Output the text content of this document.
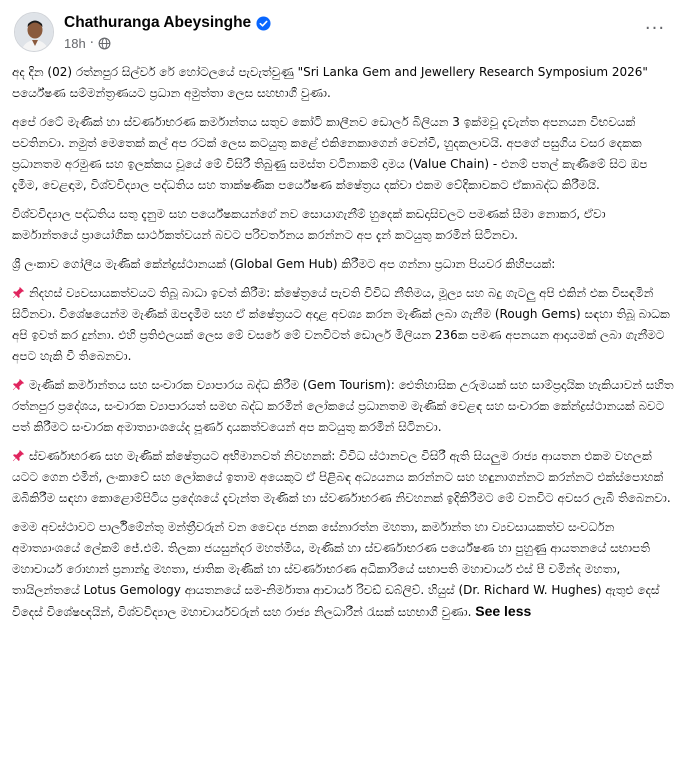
Chathuranga Abeysinghe
18h ·
···

අද දින (02) රත්නපුර සිල්වර් රේ හෝටලයේ පැවැත්වුණු "Sri Lanka Gem and Jewellery Research Symposium 2026" පර්යේෂණ සම්මන්ත්‍රණයට ප්‍රධාන අමුත්තා ලෙස සහභාගී වුණා.

අපේ රටේ මැණික් හා ස්වර්ණාභරණ කර්මාන්තය සතුව කෝටි කාලීනව ඩොලර් බිලියන 3 ඉක්මවූ දැවැන්ත අපනයන විභවයක් පවතිනවා. නමුත් මෙතෙක් කල් අප රටක් ලෙස කටයුතු කළේ එකිනෙකාගෙන් වෙන්වී, හුදකලාවයි. අපගේ පසුගිය වසර දෙකක ප්‍රධානතම අරමුණ සහ ඉලක්කය වූයේ මේ විසිරී තිබුණු සමස්ත වටිනාකම් දාමය (Value Chain) - එනම් පතල් කැණීමේ සිට ඔප දැමීම, වෙළඳාම, විශ්වවිද්‍යාල පද්ධතිය සහ තාක්ෂණික පර්යේෂණ ක්ෂේත්‍රය දක්වා එකම වේදිකාවකට ඒකාබද්ධ කිරීමයි.

විශ්වවිද්‍යාල පද්ධතිය සතු දැනුම සහ පර්යේෂකයන්ගේ නව සොයාගැනීම් හුදෙක් කඩදාසිවලට පමණක් සීමා නොකර, ඒවා කර්මාන්තයේ ප්‍රායෝගික සාර්ථකත්වයන් බවට පරිවර්තනය කරන්නට අප දැන් කටයුතු කරමින් සිටිනවා.

ශ්‍රී ලංකාව ගෝලීය මැණික් කේන්ද්‍රස්ථානයක් (Global Gem Hub) කිරීමට අප ගන්නා ප්‍රධාන පියවර කිහිපයක්:

නිදහස් ව්‍යවසායකත්වයට තිබූ බාධා ඉවත් කිරීම: ක්ෂේත්‍රයේ පැවති විවිධ නීතිමය, මූල්‍ය සහ බදු ගැටලු අපි එකින් එක විසඳමින් සිටිනවා. විශේෂයෙන්ම මැණික් ඔපදැමීම සහ ඒ ක්ෂේත්‍රයට අදාළ අවශ්‍ය කරන මැණික් ලබා ගැනීම (Rough Gems) සඳහා තිබූ බාධක අපි ඉවත් කර දුන්නා. එහි ප්‍රතිඵලයක් ලෙස මේ වසරේ මේ වනවිටත් ඩොලර් මිලියන 236ක පමණ අපනයන ආදායමක් ලබා ගැනීමට අපට හැකි වී තිබෙනවා.

මැණික් කර්මාන්තය සහ සංචාරක ව්‍යාපාරය බද්ධ කිරීම (Gem Tourism): ඓතිහාසික උරුමයක් සහ සාම්ප්‍රදායික හැකියාවන් සහිත රත්නපුර ප්‍රදේශය, සංචාරක ව්‍යාපාරයත් සමඟ බද්ධ කරමින් ලෝකයේ ප්‍රධානතම මැණික් වෙළඳ සහ සංචාරක කේන්ද්‍රස්ථානයක් බවට පත් කිරීමට සංචාරක අමාත්‍යාංශයේද පූර්ණ දායකත්වයෙන් අප කටයුතු කරමින් සිටිනවා.

ස්වර්ණාභරණ සහ මැණික් ක්ෂේත්‍රයට අභිමානවත් නිවහනක්: විවිධ ස්ථානවල විසිරී ඇති සියලුම රාජ්‍ය ආයතන එකම වහලක් යටට ගෙන එමින්, ලංකාවේ සහ ලෝකයේ ඉතාම අයෙකුට ඒ පිළිබඳ අධ්‍යයනය කරන්නට සහ හඳුනාගන්නට කරන්නට එක්ස්පොහක් ඔබිකිරීම සඳහා කොළොම්පිටිය ප්‍රදේශයේ දැවැන්ත මැණික් හා ස්වර්ණාභරණ නිවහනක් ඉදිකිරීමට මේ වනවිට අවසර ලැබී තිබෙනවා.

මෙම අවස්ථාවට පාර්ලිමේන්තු මන්ත්‍රීවරුන් වන වෛද්‍ය ජනක සේනාරත්න මහතා, කර්මාන්ත හා ව්‍යවසායකත්ව සංවර්ධන අමාත්‍යාංශයේ ලේකම් ජේ.එම්. තිලකා ජයසුන්දර මහත්මිය, මැණික් හා ස්වර්ණාභරණ පර්යේෂණ හා පුහුණු ආයතනයේ සභාපති මහාචාර්ය රොහාන් ප්‍රනාන්දු මහතා, ජාතික මැණික් හා ස්වර්ණාභරණ අධිකාරියේ සභාපති මහාචාර්ය එස් පී චමින්ද මහතා, තායිලන්තයේ Lotus Gemology ආයතනයේ සම-නිර්මාතෘ ආචාර්ය රිචඩ් ඩබ්ලිව්. හියුස් (Dr. Richard W. Hughes) ඇතුළු දෙස් විදෙස් විශේෂඥයින්, විශ්වවිද්‍යාල මහාචාර්යවරුන් සහ රාජ්‍ය නිලධාරීන් රැසක් සහභාගී වුණා. See less
